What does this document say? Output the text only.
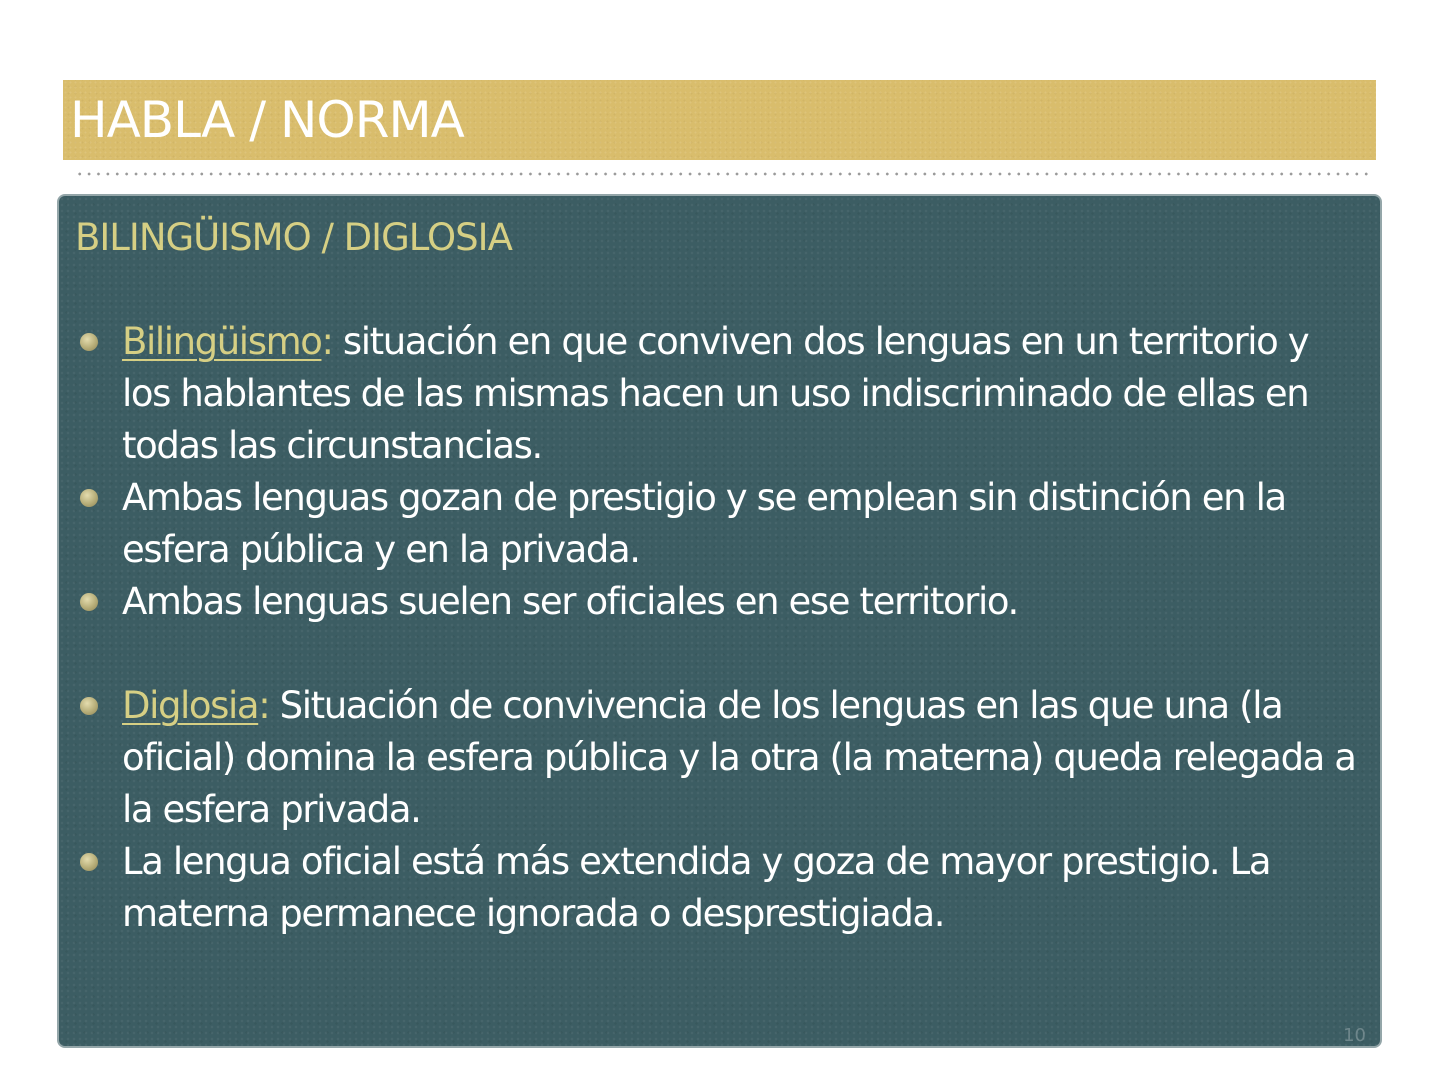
HABLA / NORMA
BILINGÜISMO / DIGLOSIA
Bilingüismo: situación en que conviven dos lenguas en un territorio y los hablantes de las mismas hacen un uso indiscriminado de ellas en todas las circunstancias.
Ambas lenguas gozan de prestigio y se emplean sin distinción en la esfera pública y en la privada.
Ambas lenguas suelen ser oficiales en ese territorio.
Diglosia: Situación de convivencia de los lenguas en las que una (la oficial) domina la esfera pública y la otra (la materna) queda relegada a la esfera privada.
La lengua oficial está más extendida y goza de mayor prestigio. La materna permanece ignorada o desprestigiada.
10
